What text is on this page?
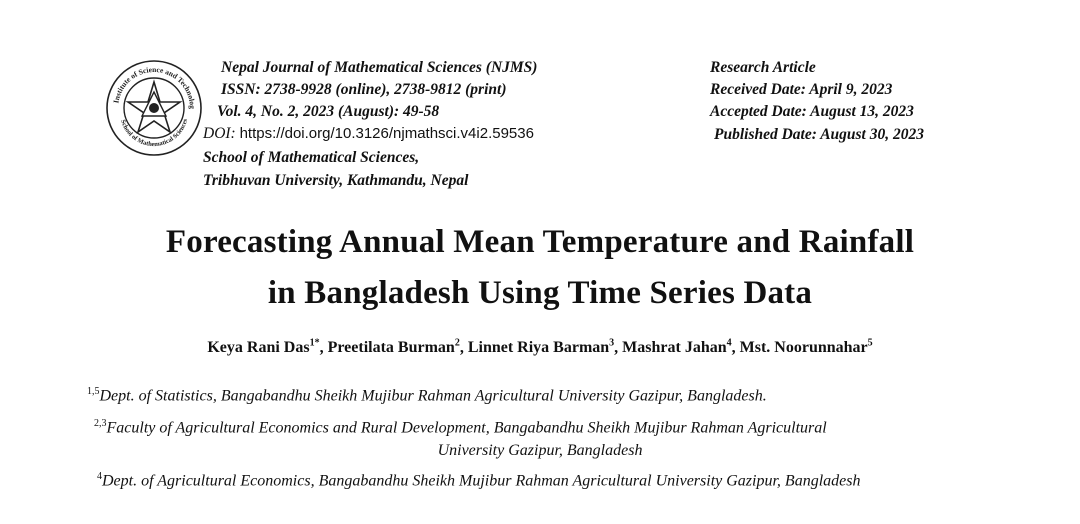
Institute of Science and Technolog
School of Mathematical Sciences
Nepal Journal of Mathematical Sciences (NJMS)
ISSN: 2738-9928 (online), 2738-9812 (print)
Vol. 4, No. 2, 2023 (August): 49-58
DOI: https://doi.org/10.3126/njmathsci.v4i2.59536
School of Mathematical Sciences,
Tribhuvan University, Kathmandu, Nepal
Research Article
Received Date: April 9, 2023
Accepted Date: August 13, 2023
Published Date: August 30, 2023
Forecasting Annual Mean Temperature and Rainfall
in Bangladesh Using Time Series Data
Keya Rani Das$^{1*}$, Preetilata Burman$^2$, Linnet Riya Barman$^3$, Mashrat Jahan$^4$, Mst. Noorunnahar$^5$
$^{1,5}$Dept. of Statistics, Bangabandhu Sheikh Mujibur Rahman Agricultural University Gazipur, Bangladesh.
$^{2,3}$Faculty of Agricultural Economics and Rural Development, Bangabandhu Sheikh Mujibur Rahman Agricultural
University Gazipur, Bangladesh
$^4$Dept. of Agricultural Economics, Bangabandhu Sheikh Mujibur Rahman Agricultural University Gazipur, Bangladesh
